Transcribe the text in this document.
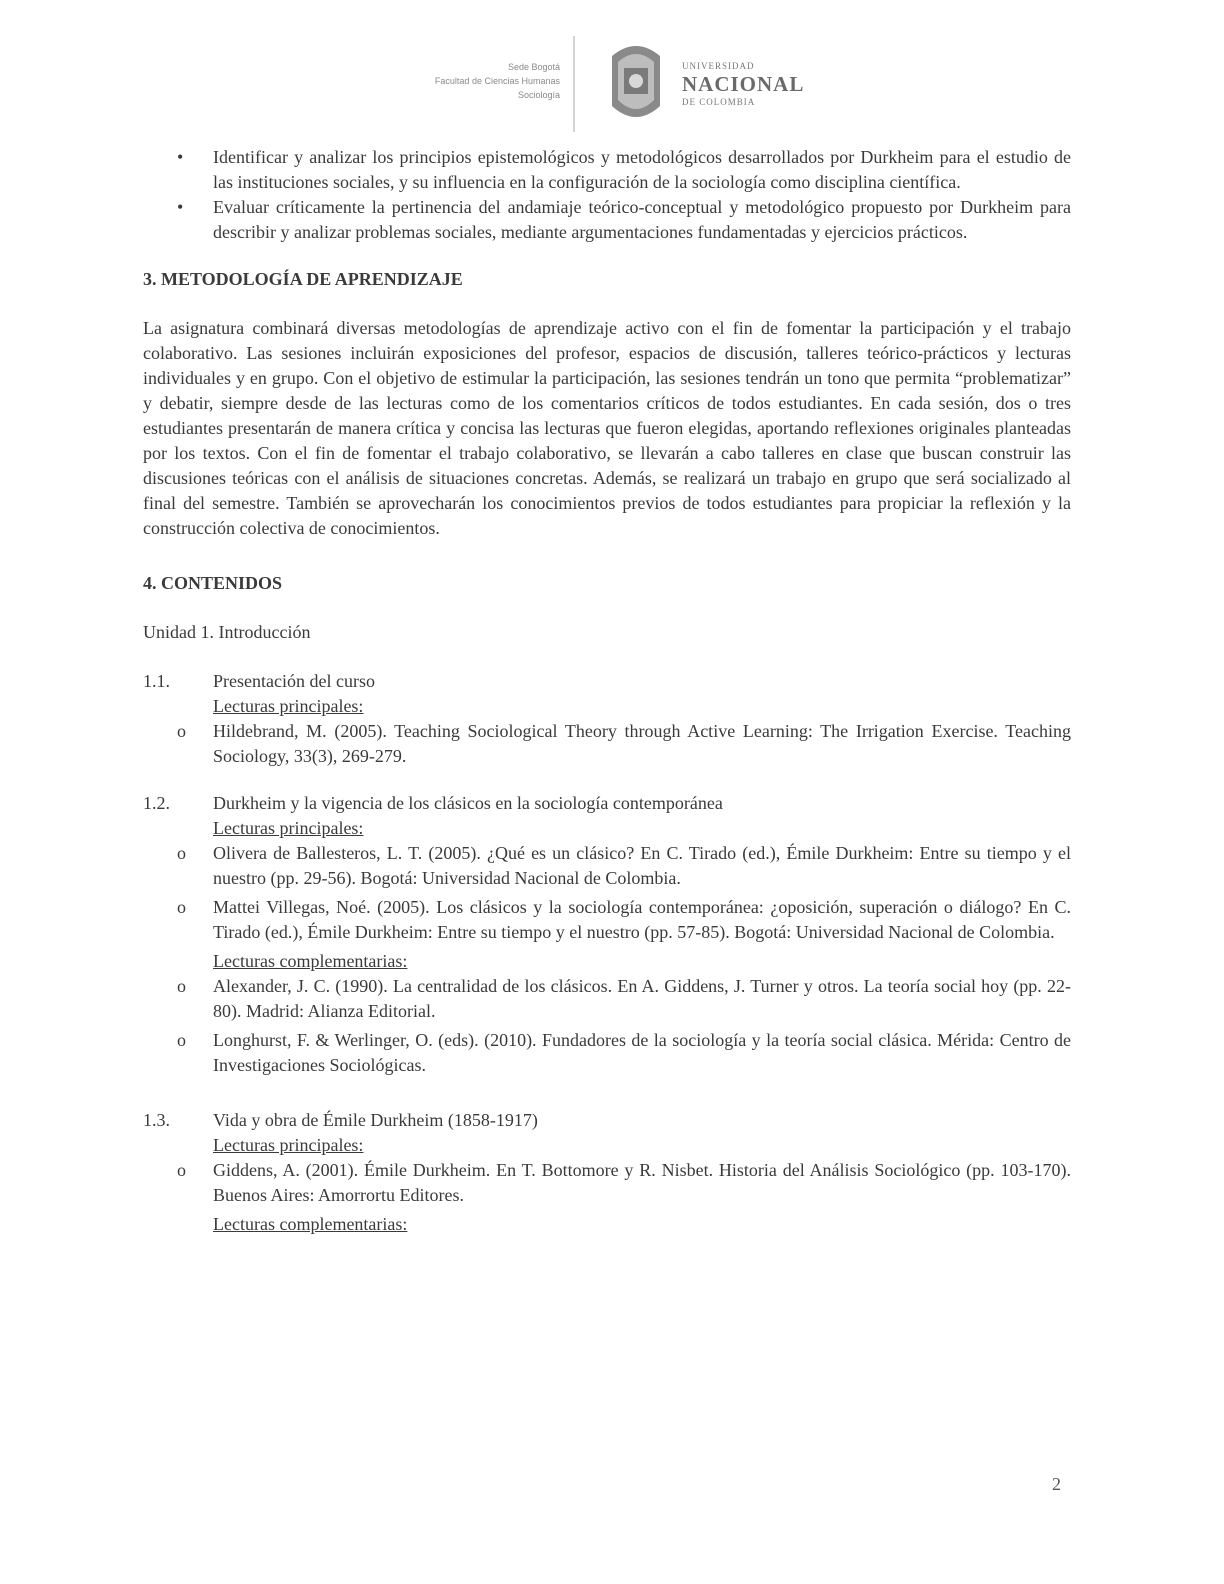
Sede Bogotá
Facultad de Ciencias Humanas
Sociología
UNIVERSIDAD
NACIONAL
DE COLOMBIA
• Identificar y analizar los principios epistemológicos y metodológicos desarrollados por Durkheim para el estudio de las instituciones sociales, y su influencia en la configuración de la sociología como disciplina científica.
• Evaluar críticamente la pertinencia del andamiaje teórico-conceptual y metodológico propuesto por Durkheim para describir y analizar problemas sociales, mediante argumentaciones fundamentadas y ejercicios prácticos.
3. METODOLOGÍA DE APRENDIZAJE

La asignatura combinará diversas metodologías de aprendizaje activo con el fin de fomentar la participación y el trabajo colaborativo. Las sesiones incluirán exposiciones del profesor, espacios de discusión, talleres teórico-prácticos y lecturas individuales y en grupo. Con el objetivo de estimular la participación, las sesiones tendrán un tono que permita “problematizar” y debatir, siempre desde de las lecturas como de los comentarios críticos de todos estudiantes. En cada sesión, dos o tres estudiantes presentarán de manera crítica y concisa las lecturas que fueron elegidas, aportando reflexiones originales planteadas por los textos. Con el fin de fomentar el trabajo colaborativo, se llevarán a cabo talleres en clase que buscan construir las discusiones teóricas con el análisis de situaciones concretas. Además, se realizará un trabajo en grupo que será socializado al final del semestre. También se aprovecharán los conocimientos previos de todos estudiantes para propiciar la reflexión y la construcción colectiva de conocimientos.

4. CONTENIDOS
Unidad 1. Introducción
1.1. Presentación del curso
Lecturas principales:
o Hildebrand, M. (2005). Teaching Sociological Theory through Active Learning: The Irrigation Exercise. Teaching Sociology, 33(3), 269-279.
1.2. Durkheim y la vigencia de los clásicos en la sociología contemporánea
Lecturas principales:
o Olivera de Ballesteros, L. T. (2005). ¿Qué es un clásico? En C. Tirado (ed.), Émile Durkheim: Entre su tiempo y el nuestro (pp. 29-56). Bogotá: Universidad Nacional de Colombia.
o Mattei Villegas, Noé. (2005). Los clásicos y la sociología contemporánea: ¿oposición, superación o diálogo? En C. Tirado (ed.), Émile Durkheim: Entre su tiempo y el nuestro (pp. 57-85). Bogotá: Universidad Nacional de Colombia.
Lecturas complementarias:
o Alexander, J. C. (1990). La centralidad de los clásicos. En A. Giddens, J. Turner y otros. La teoría social hoy (pp. 22-80). Madrid: Alianza Editorial.
o Longhurst, F. & Werlinger, O. (eds). (2010). Fundadores de la sociología y la teoría social clásica. Mérida: Centro de Investigaciones Sociológicas.
1.3. Vida y obra de Émile Durkheim (1858-1917)
Lecturas principales:
o Giddens, A. (2001). Émile Durkheim. En T. Bottomore y R. Nisbet. Historia del Análisis Sociológico (pp. 103-170). Buenos Aires: Amorrortu Editores.
Lecturas complementarias:
2
